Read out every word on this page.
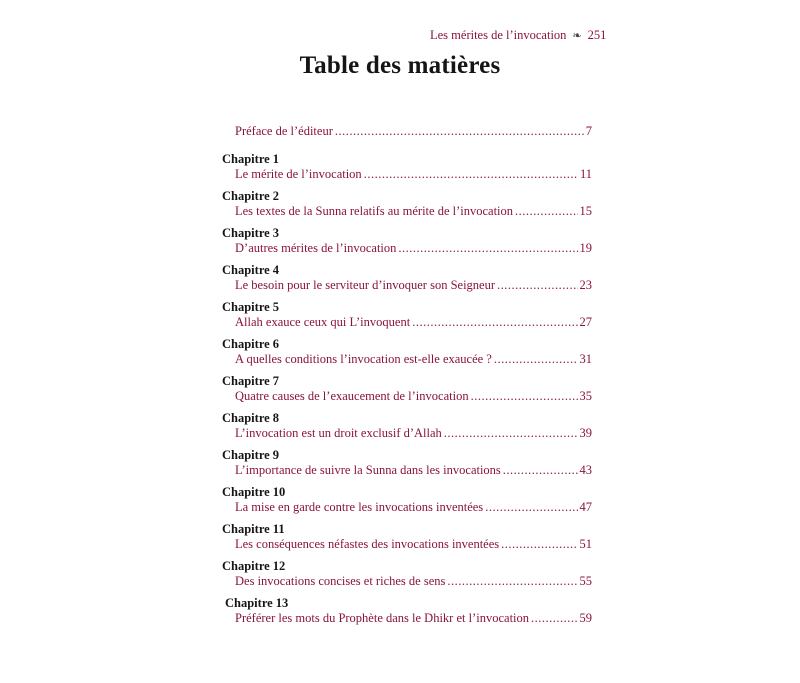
Les mérites de l’invocation ❧ 251
Table des matières
Préface de l’éditeur .....	7
Chapitre 1
Le mérite de l’invocation .....	11
Chapitre 2
Les textes de la Sunna relatifs au mérite de l’invocation .....	15
Chapitre 3
D’autres mérites de l’invocation .....	19
Chapitre 4
Le besoin pour le serviteur d’invoquer son Seigneur .....	23
Chapitre 5
Allah exauce ceux qui L’invoquent .....	27
Chapitre 6
A quelles conditions l’invocation est-elle exaucée ? .....	31
Chapitre 7
Quatre causes de l’exaucement de l’invocation .....	35
Chapitre 8
L’invocation est un droit exclusif d’Allah .....	39
Chapitre 9
L’importance de suivre la Sunna dans les invocations .....	43
Chapitre 10
La mise en garde contre les invocations inventées .....	47
Chapitre 11
Les conséquences néfastes des invocations inventées .....	51
Chapitre 12
Des invocations concises et riches de sens .....	55
Chapitre 13
Préférer les mots du Prophète dans le Dhikr et l’invocation .....	59
